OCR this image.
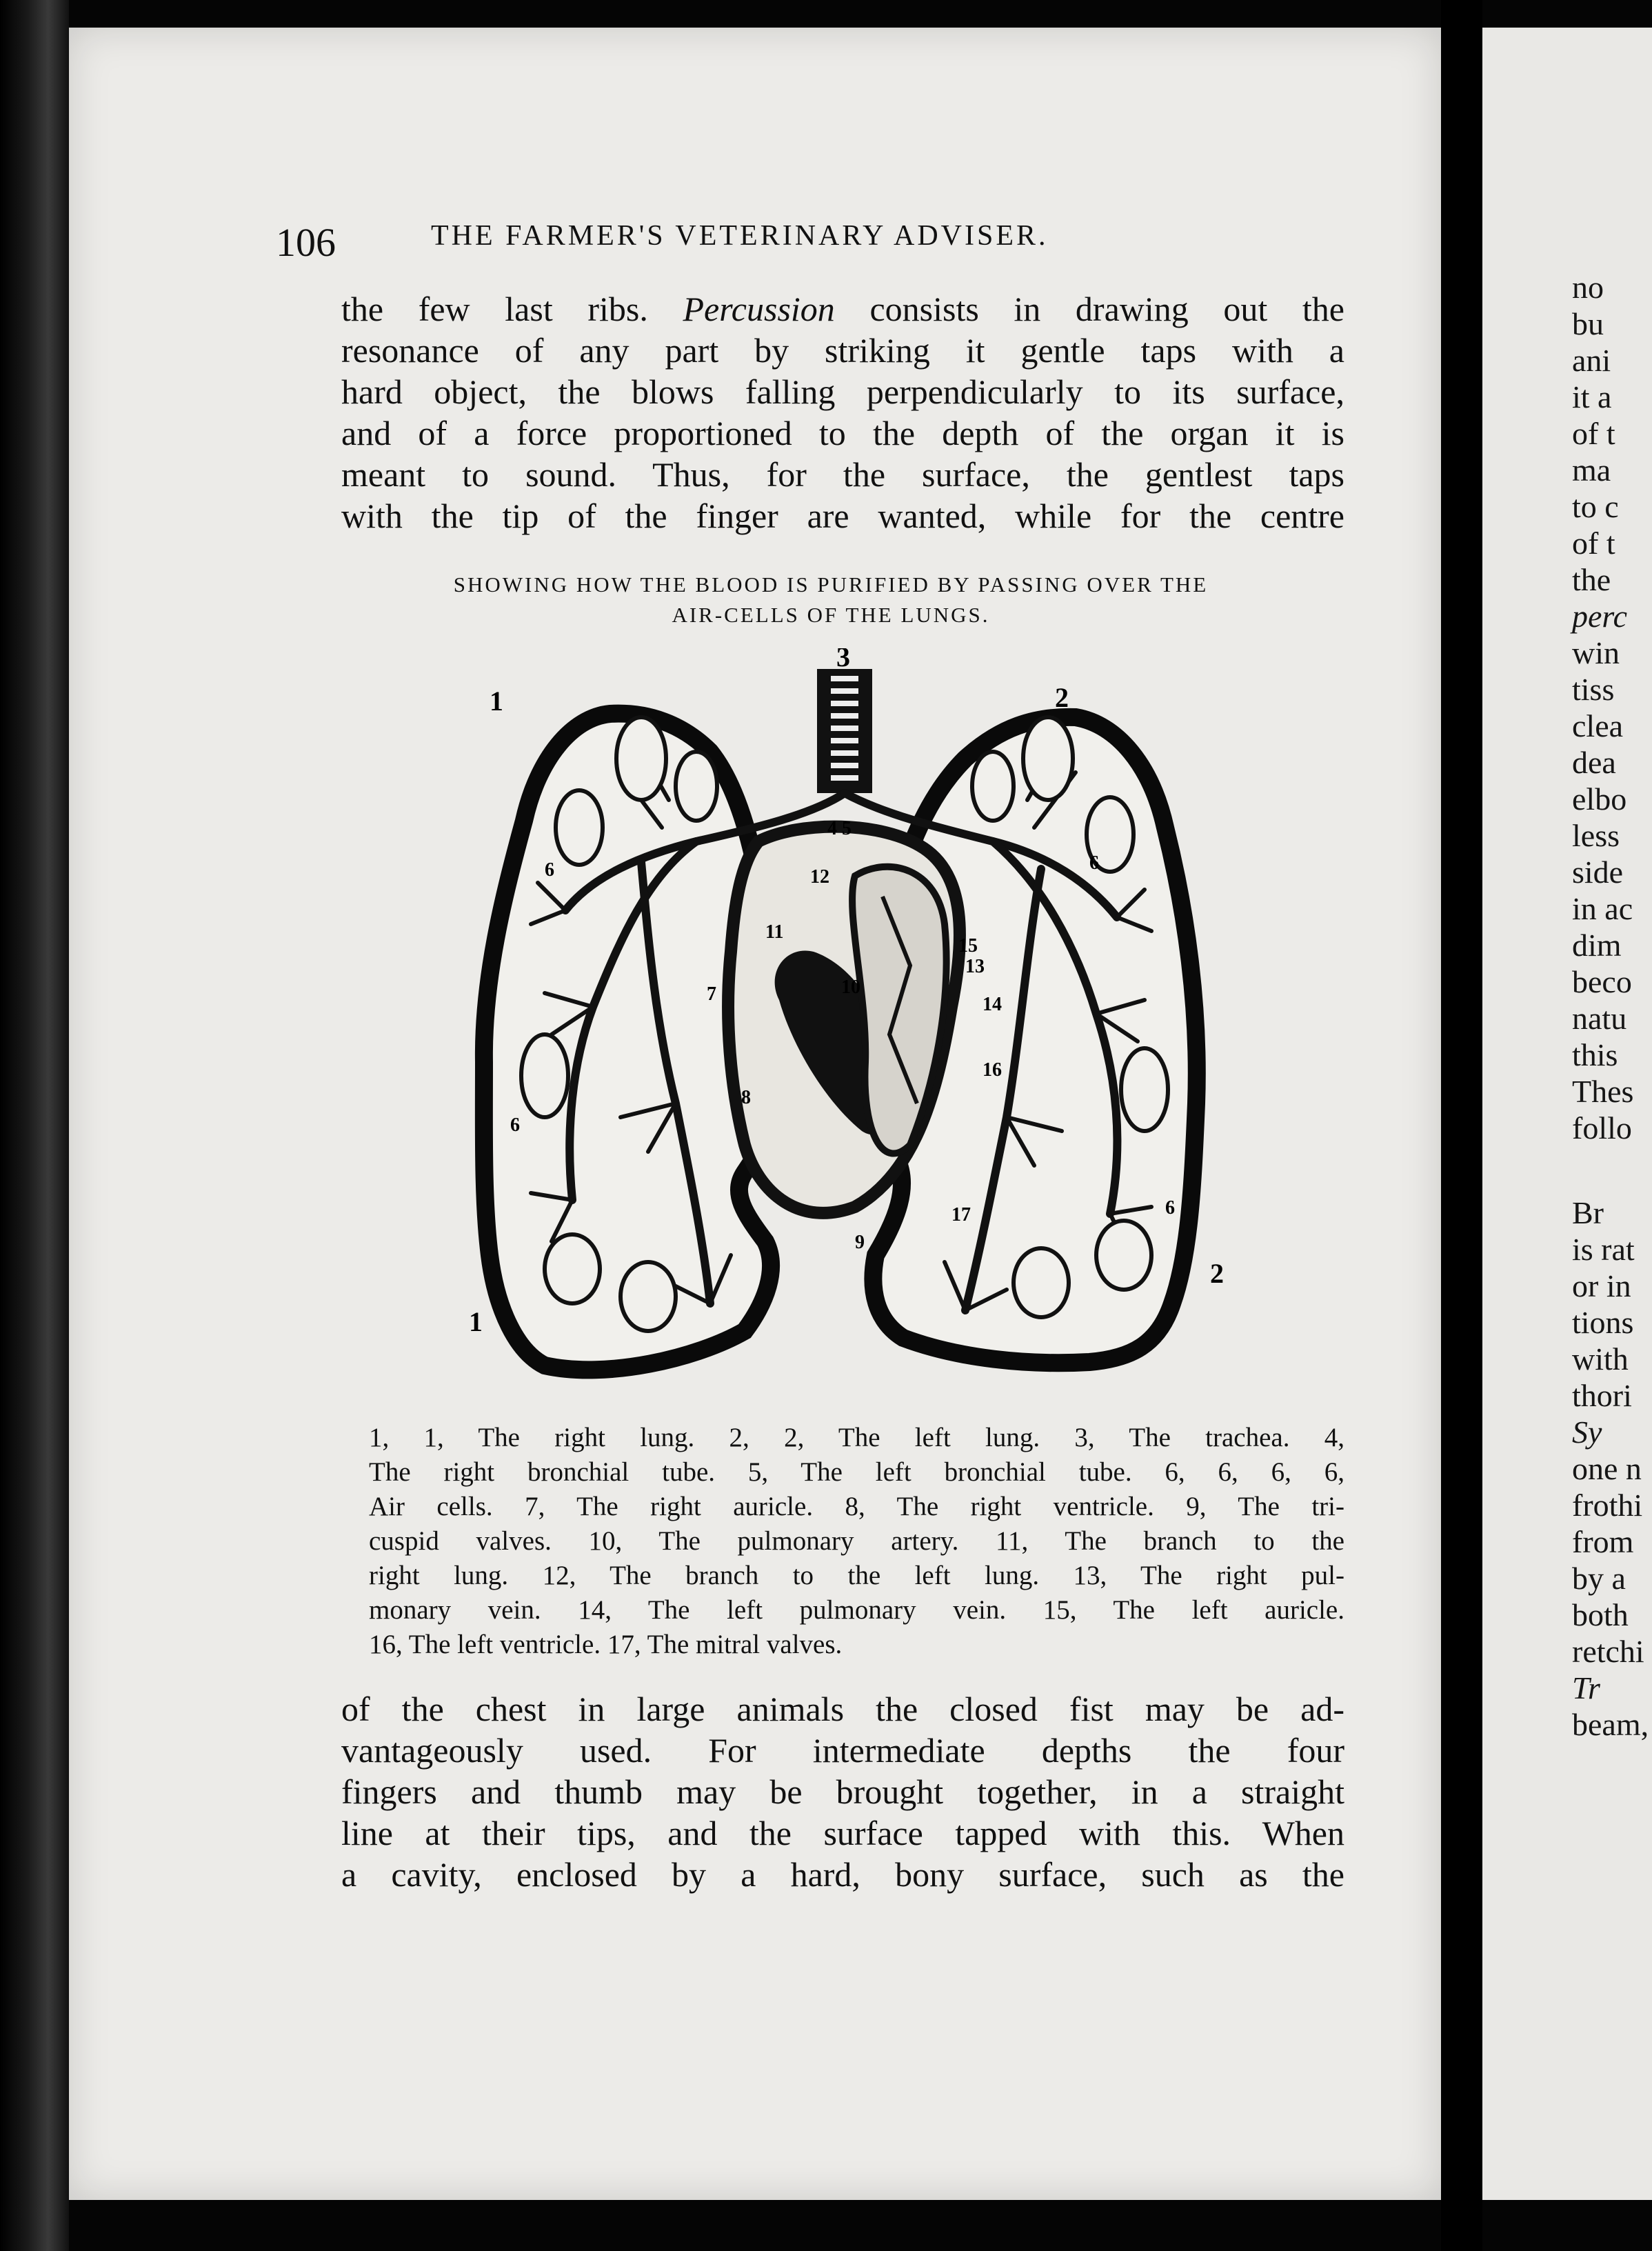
106	THE FARMER'S VETERINARY ADVISER.
the few last ribs. Percussion consists in drawing out the
resonance of any part by striking it gentle taps with a
hard object, the blows falling perpendicularly to its surface,
and of a force proportioned to the depth of the organ it is
meant to sound. Thus, for the surface, the gentlest taps
with the tip of the finger are wanted, while for the centre
SHOWING HOW THE BLOOD IS PURIFIED BY PASSING OVER THE
AIR-CELLS OF THE LUNGS.
1
1
2
2
3
4 5
6	6
6
6
7
8
9
10
11
12
13
14
15
16
17
1, 1, The right lung. 2, 2, The left lung. 3, The trachea. 4,
The right bronchial tube. 5, The left bronchial tube. 6, 6, 6, 6,
Air cells. 7, The right auricle. 8, The right ventricle. 9, The tri-
cuspid valves. 10, The pulmonary artery. 11, The branch to the
right lung. 12, The branch to the left lung. 13, The right pul-
monary vein. 14, The left pulmonary vein. 15, The left auricle.
16, The left ventricle. 17, The mitral valves.
of the chest in large animals the closed fist may be ad-
vantageously used. For intermediate depths the four
fingers and thumb may be brought together, in a straight
line at their tips, and the surface tapped with this. When
a cavity, enclosed by a hard, bony surface, such as the
no
bu
ani
it a
of t
ma
to c
of t
the
perc
win
tiss
clea
dea
elbo
less
side
in ac
dim
beco
natu
this
Thes
follo
Br
is rat
or in
tions
with
thori
Sy
one n
frothi
from
by a
both
retchi
Tr
beam,
